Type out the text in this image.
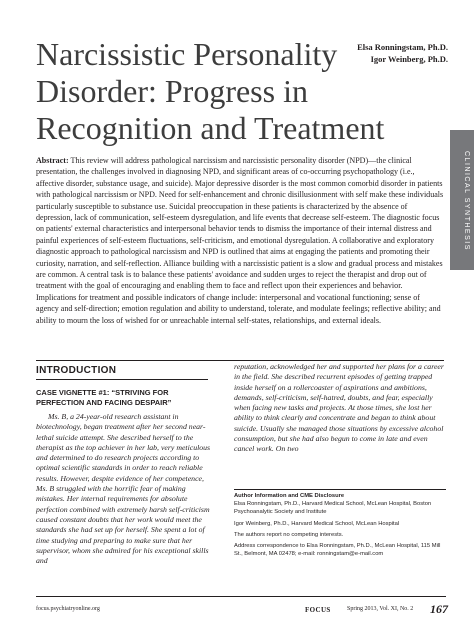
Narcissistic Personality
Disorder: Progress in
Recognition and Treatment
Elsa Ronningstam, Ph.D.
Igor Weinberg, Ph.D.
CLINICAL SYNTHESIS

Abstract: This review will address pathological narcissism and narcissistic personality disorder (NPD)—the clinical presentation, the challenges involved in diagnosing NPD, and significant areas of co-occurring psychopathology (i.e., affective disorder, substance usage, and suicide). Major depressive disorder is the most common comorbid disorder in patients with pathological narcissism or NPD. Need for self-enhancement and chronic disillusionment with self make these individuals particularly susceptible to substance use. Suicidal preoccupation in these patients is characterized by the absence of depression, lack of communication, self-esteem dysregulation, and life events that decrease self-esteem. The diagnostic focus on patients' external characteristics and interpersonal behavior tends to dismiss the importance of their internal distress and painful experiences of self-esteem fluctuations, self-criticism, and emotional dysregulation. A collaborative and exploratory diagnostic approach to pathological narcissism and NPD is outlined that aims at engaging the patients and promoting their curiosity, narration, and self-reflection. Alliance building with a narcissistic patient is a slow and gradual process and mistakes are common. A central task is to balance these patients' avoidance and sudden urges to reject the therapist and drop out of treatment with the goal of encouraging and enabling them to face and reflect upon their experiences and behavior. Implications for treatment and possible indicators of change include: interpersonal and vocational functioning; sense of agency and self-direction; emotion regulation and ability to understand, tolerate, and modulate feelings; reflective ability; and ability to mourn the loss of wished for or unreachable internal self-states, relationships, and external ideals.

INTRODUCTION
CASE VIGNETTE #1: “STRIVING FOR PERFECTION AND FACING DESPAIR”

Ms. B, a 24-year-old research assistant in biotechnology, began treatment after her second near-lethal suicide attempt. She described herself to the therapist as the top achiever in her lab, very meticulous and determined to do research projects according to optimal scientific standards in order to reach reliable results. However, despite evidence of her competence, Ms. B struggled with the horrific fear of making mistakes. Her internal requirements for absolute perfection combined with extremely harsh self-criticism caused constant doubts that her work would meet the standards she had set up for herself. She spent a lot of time studying and preparing to make sure that her supervisor, whom she admired for his exceptional skills and

reputation, acknowledged her and supported her plans for a career in the field. She described recurrent episodes of getting trapped inside herself on a rollercoaster of aspirations and ambitions, demands, self-criticism, self-hatred, doubts, and fear, especially when facing new tasks and projects. At those times, she lost her ability to think clearly and concentrate and began to think about suicide. Usually she managed those situations by excessive alcohol consumption, but she had also begun to come in late and even cancel work. On two

Author Information and CME Disclosure

Elsa Ronningstam, Ph.D., Harvard Medical School, McLean Hospital, Boston Psychoanalytic Society and Institute

Igor Weinberg, Ph.D., Harvard Medical School, McLean Hospital

The authors report no competing interests.

Address correspondence to Elsa Ronningstam, Ph.D., McLean Hospital, 115 Mill St., Belmont, MA 02478; e-mail: ronningstam@e-mail.com

focus.psychiatryonline.org	FOCUS	Spring 2013, Vol. XI, No. 2 167
